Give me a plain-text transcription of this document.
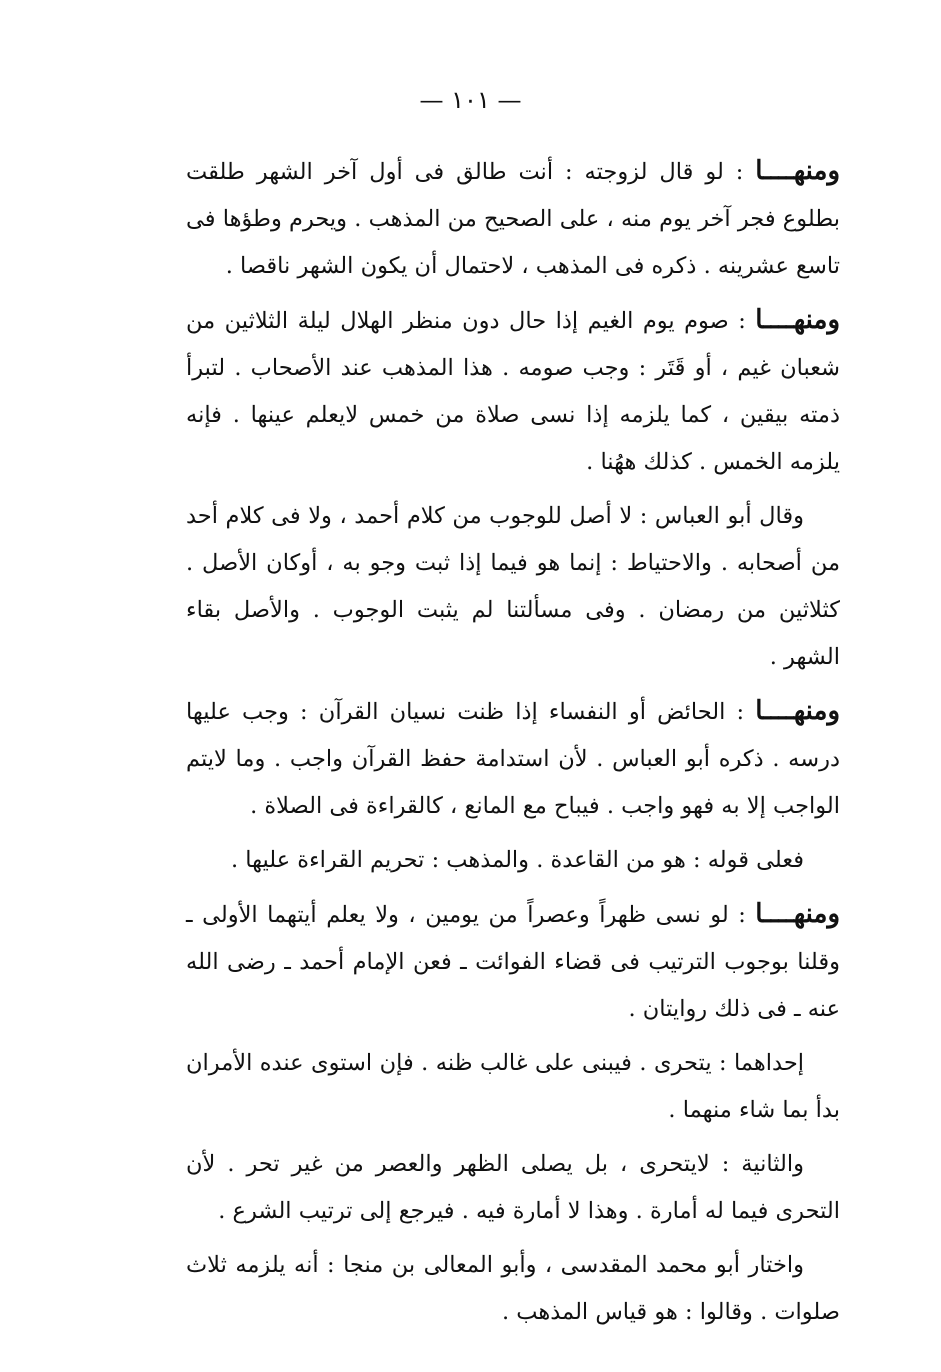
— ١٠١ —

ومنهــــا : لو قال لزوجته : أنت طالق فى أول آخر الشهر طلقت بطلوع فجر آخر يوم منه ، على الصحيح من المذهب . ويحرم وطؤها فى تاسع عشرينه . ذكره فى المذهب ، لاحتمال أن يكون الشهر ناقصا .

ومنهــــا : صوم يوم الغيم إذا حال دون منظر الهلال ليلة الثلاثين من شعبان غيم ، أو قَتَر : وجب صومه . هذا المذهب عند الأصحاب . لتبرأ ذمته بيقين ، كما يلزمه إذا نسى صلاة من خمس لايعلم عينها . فإنه يلزمه الخمس . كذلك ههُنا .

وقال أبو العباس : لا أصل للوجوب من كلام أحمد ، ولا فى كلام أحد من أصحابه . والاحتياط : إنما هو فيما إذا ثبت وجو به ، أوكان الأصل . كثلاثين من رمضان . وفى مسألتنا لم يثبت الوجوب . والأصل بقاء الشهر .

ومنهــــا : الحائض أو النفساء إذا ظنت نسيان القرآن : وجب عليها درسه . ذكره أبو العباس . لأن استدامة حفظ القرآن واجب . وما لايتم الواجب إلا به فهو واجب . فيباح مع المانع ، كالقراءة فى الصلاة .

فعلى قوله : هو من القاعدة . والمذهب : تحريم القراءة عليها .

ومنهــــا : لو نسى ظهراً وعصراً من يومين ، ولا يعلم أيتهما الأولى ـ وقلنا بوجوب الترتيب فى قضاء الفوائت ـ فعن الإمام أحمد ـ رضى الله عنه ـ فى ذلك روايتان .

إحداهما : يتحرى . فيبنى على غالب ظنه . فإن استوى عنده الأمران بدأ بما شاء منهما .

والثانية : لايتحرى ، بل يصلى الظهر والعصر من غير تحر . لأن التحرى فيما له أمارة . وهذا لا أمارة فيه . فيرجع إلى ترتيب الشرع .

واختار أبو محمد المقدسى ، وأبو المعالى بن منجا : أنه يلزمه ثلاث صلوات . وقالوا : هو قياس المذهب .
